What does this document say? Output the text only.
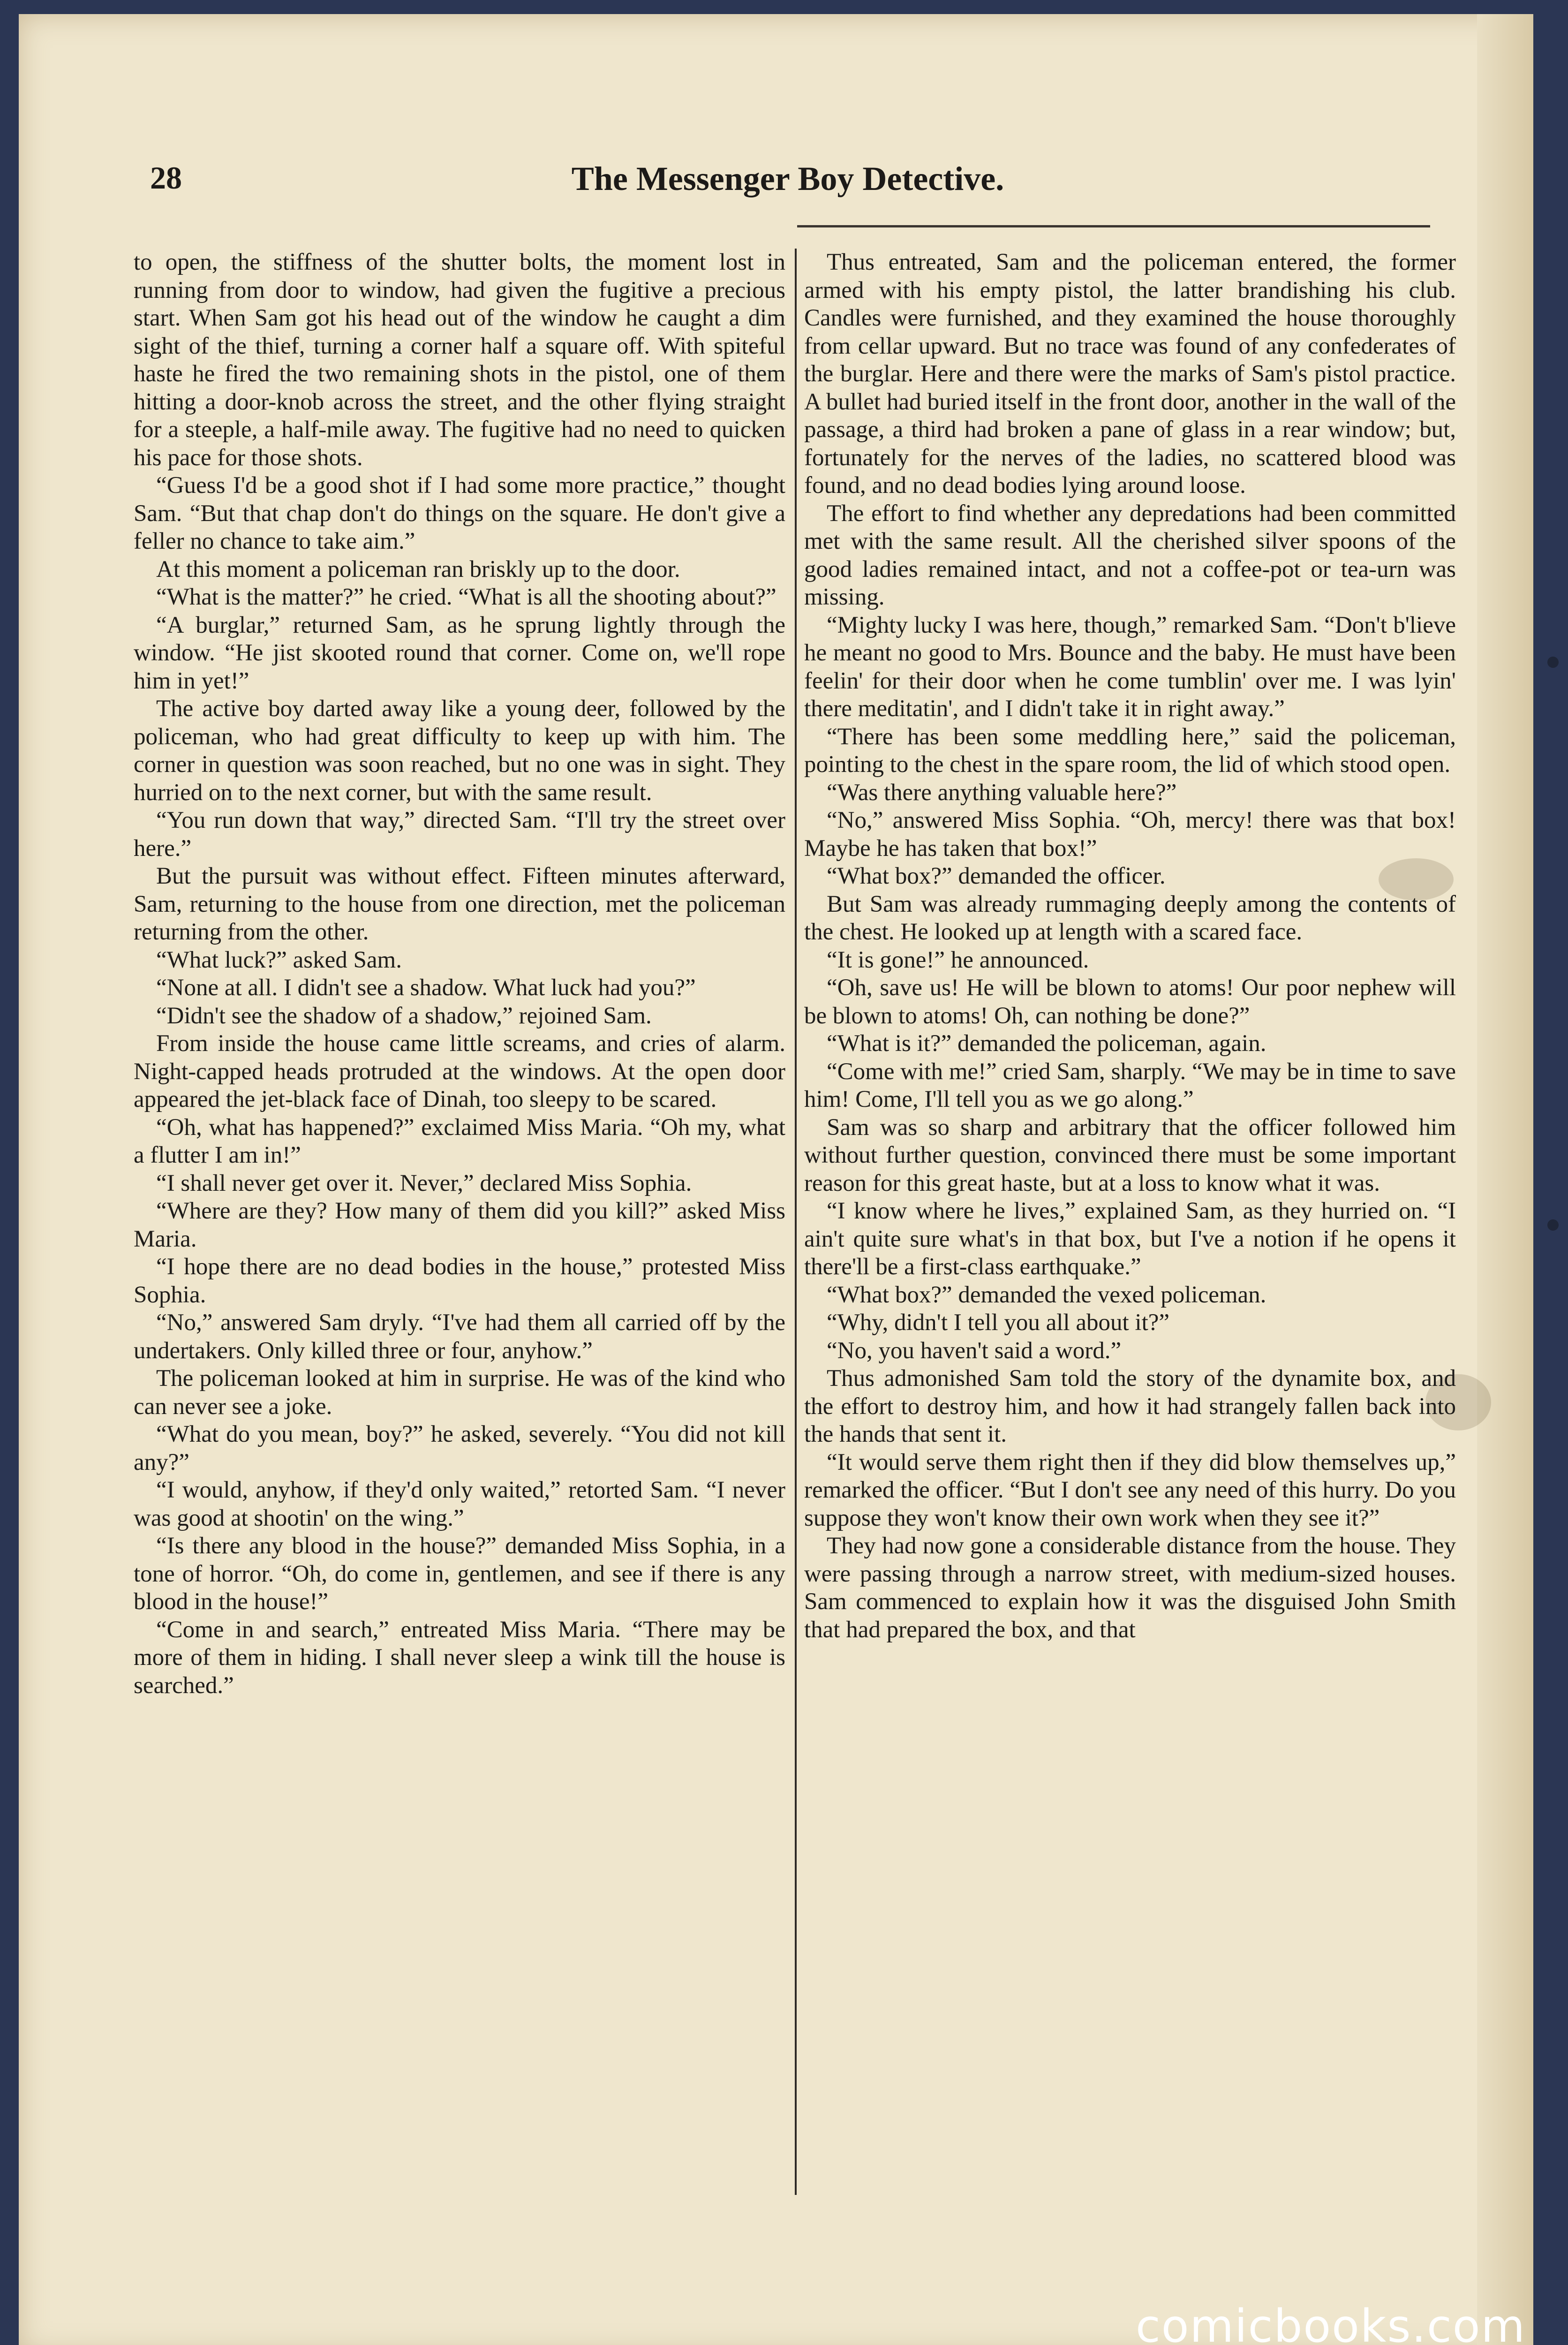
28	The Messenger Boy Detective.

to open, the stiffness of the shutter bolts, the moment lost in running from door to window, had given the fugitive a precious start. When Sam got his head out of the window he caught a dim sight of the thief, turning a corner half a square off. With spiteful haste he fired the two remaining shots in the pistol, one of them hitting a door-knob across the street, and the other flying straight for a steeple, a half-mile away. The fugitive had no need to quicken his pace for those shots.

“Guess I'd be a good shot if I had some more practice,” thought Sam. “But that chap don't do things on the square. He don't give a feller no chance to take aim.”

At this moment a policeman ran briskly up to the door.

“What is the matter?” he cried. “What is all the shooting about?”

“A burglar,” returned Sam, as he sprung lightly through the window. “He jist skooted round that corner. Come on, we'll rope him in yet!”

The active boy darted away like a young deer, followed by the policeman, who had great difficulty to keep up with him. The corner in question was soon reached, but no one was in sight. They hurried on to the next corner, but with the same result.

“You run down that way,” directed Sam. “I'll try the street over here.”

But the pursuit was without effect. Fifteen minutes afterward, Sam, returning to the house from one direction, met the policeman returning from the other.

“What luck?” asked Sam.

“None at all. I didn't see a shadow. What luck had you?”

“Didn't see the shadow of a shadow,” rejoined Sam.

From inside the house came little screams, and cries of alarm. Night-capped heads protruded at the windows. At the open door appeared the jet-black face of Dinah, too sleepy to be scared.

“Oh, what has happened?” exclaimed Miss Maria. “Oh my, what a flutter I am in!”

“I shall never get over it. Never,” declared Miss Sophia.

“Where are they? How many of them did you kill?” asked Miss Maria.

“I hope there are no dead bodies in the house,” protested Miss Sophia.

“No,” answered Sam dryly. “I've had them all carried off by the undertakers. Only killed three or four, anyhow.”

The policeman looked at him in surprise. He was of the kind who can never see a joke.

“What do you mean, boy?” he asked, severely. “You did not kill any?”

“I would, anyhow, if they'd only waited,” retorted Sam. “I never was good at shootin' on the wing.”

“Is there any blood in the house?” demanded Miss Sophia, in a tone of horror. “Oh, do come in, gentlemen, and see if there is any blood in the house!”

“Come in and search,” entreated Miss Maria. “There may be more of them in hiding. I shall never sleep a wink till the house is searched.”

Thus entreated, Sam and the policeman entered, the former armed with his empty pistol, the latter brandishing his club. Candles were furnished, and they examined the house thoroughly from cellar upward. But no trace was found of any confederates of the burglar. Here and there were the marks of Sam's pistol practice. A bullet had buried itself in the front door, another in the wall of the passage, a third had broken a pane of glass in a rear window; but, fortunately for the nerves of the ladies, no scattered blood was found, and no dead bodies lying around loose.

The effort to find whether any depredations had been committed met with the same result. All the cherished silver spoons of the good ladies remained intact, and not a coffee-pot or tea-urn was missing.

“Mighty lucky I was here, though,” remarked Sam. “Don't b'lieve he meant no good to Mrs. Bounce and the baby. He must have been feelin' for their door when he come tumblin' over me. I was lyin' there meditatin', and I didn't take it in right away.”

“There has been some meddling here,” said the policeman, pointing to the chest in the spare room, the lid of which stood open.

“Was there anything valuable here?”

“No,” answered Miss Sophia. “Oh, mercy! there was that box! Maybe he has taken that box!”

“What box?” demanded the officer.

But Sam was already rummaging deeply among the contents of the chest. He looked up at length with a scared face.

“It is gone!” he announced.

“Oh, save us! He will be blown to atoms! Our poor nephew will be blown to atoms! Oh, can nothing be done?”

“What is it?” demanded the policeman, again.

“Come with me!” cried Sam, sharply. “We may be in time to save him! Come, I'll tell you as we go along.”

Sam was so sharp and arbitrary that the officer followed him without further question, convinced there must be some important reason for this great haste, but at a loss to know what it was.

“I know where he lives,” explained Sam, as they hurried on. “I ain't quite sure what's in that box, but I've a notion if he opens it there'll be a first-class earthquake.”

“What box?” demanded the vexed policeman.

“Why, didn't I tell you all about it?”

“No, you haven't said a word.”

Thus admonished Sam told the story of the dynamite box, and the effort to destroy him, and how it had strangely fallen back into the hands that sent it.

“It would serve them right then if they did blow themselves up,” remarked the officer. “But I don't see any need of this hurry. Do you suppose they won't know their own work when they see it?”

They had now gone a considerable distance from the house. They were passing through a narrow street, with medium-sized houses. Sam commenced to explain how it was the disguised John Smith that had prepared the box, and that

comicbooks.com
